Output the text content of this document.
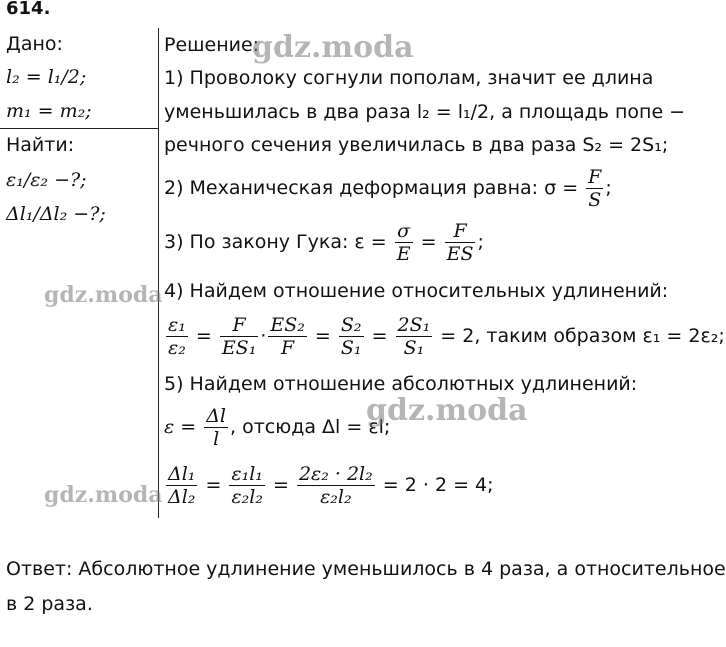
614.
Дано:
l₂ = l₁/2;
m₁ = m₂;
Найти:
ε₁/ε₂ −?;
Δl₁/Δl₂ −?;
Решение:
1) Проволоку согнули пополам, значит ее длина
уменьшилась в два раза l₂ = l₁/2, а площадь попе −
речного сечения увеличилась в два раза S₂ = 2S₁;
2) Механическая деформация равна: $\sigma = \frac{F}{S}$ ;
3) По закону Гука: $\varepsilon = \frac{\sigma}{E} = \frac{F}{ES}$ ;
4) Найдем отношение относительных удлинений:
$\frac{\text{ε₁}}{\text{ε₂}} = \frac{F}{\text{ES₁}} \cdot \frac{\text{ES₂}}{F} = \frac{\text{S₂}}{\text{S₁}} = \frac{\text{2S₁}}{\text{S₁}} = 2$, таким образом ε₁ = 2ε₂;
5) Найдем отношение абсолютных удлинений:
$\varepsilon = \frac{\Delta l}{l}$ , отсюда Δl = εl;
$\frac{\text{Δl₁}}{\text{Δl₂}} = \frac{\text{ε₁l₁}}{\text{ε₂l₂}} = \frac{\text{2ε₂ · 2l₂}}{\text{ε₂l₂}} = 2 \cdot 2 = 4$;
Ответ: Абсолютное удлинение уменьшилось в 4 раза, а относительное
в 2 раза.
gdz.moda
gdz.moda
gdz.moda
gdz.moda
